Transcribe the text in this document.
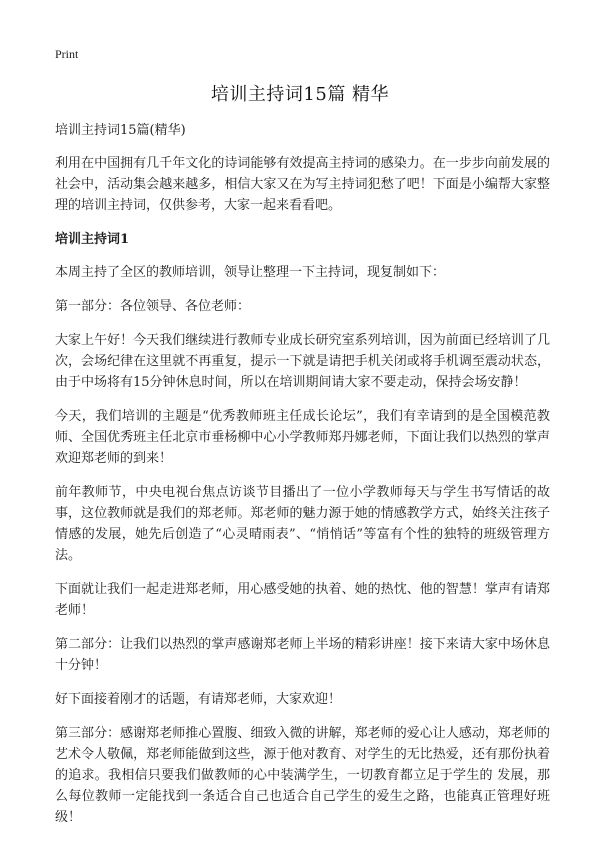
Print
培训主持词15篇 精华

培训主持词15篇(精华)

利用在中国拥有几千年文化的诗词能够有效提高主持词的感染力。在一步步向前发展的社会中，活动集会越来越多，相信大家又在为写主持词犯愁了吧！下面是小编帮大家整理的培训主持词，仅供参考，大家一起来看看吧。

培训主持词1

本周主持了全区的教师培训，领导让整理一下主持词，现复制如下：

第一部分：各位领导、各位老师：

大家上午好！今天我们继续进行教师专业成长研究室系列培训，因为前面已经培训了几次，会场纪律在这里就不再重复，提示一下就是请把手机关闭或将手机调至震动状态，由于中场将有15分钟休息时间，所以在培训期间请大家不要走动，保持会场安静！

今天，我们培训的主题是“优秀教师班主任成长论坛”，我们有幸请到的是全国模范教师、全国优秀班主任北京市垂杨柳中心小学教师郑丹娜老师，下面让我们以热烈的掌声欢迎郑老师的到来！

前年教师节，中央电视台焦点访谈节目播出了一位小学教师每天与学生书写情话的故事，这位教师就是我们的郑老师。郑老师的魅力源于她的情感教学方式，始终关注孩子情感的发展，她先后创造了“心灵晴雨表”、“悄悄话”等富有个性的独特的班级管理方法。

下面就让我们一起走进郑老师，用心感受她的执着、她的热忱、他的智慧！掌声有请郑老师！

第二部分：让我们以热烈的掌声感谢郑老师上半场的精彩讲座！接下来请大家中场休息十分钟！

好下面接着刚才的话题，有请郑老师，大家欢迎！

第三部分：感谢郑老师推心置腹、细致入微的讲解，郑老师的爱心让人感动，郑老师的艺术令人敬佩，郑老师能做到这些，源于他对教育、对学生的无比热爱，还有那份执着的追求。我相信只要我们做教师的心中装满学生，一切教育都立足于学生的 发展，那么每位教师一定能找到一条适合自己也适合自己学生的爱生之路，也能真正管理好班级！
